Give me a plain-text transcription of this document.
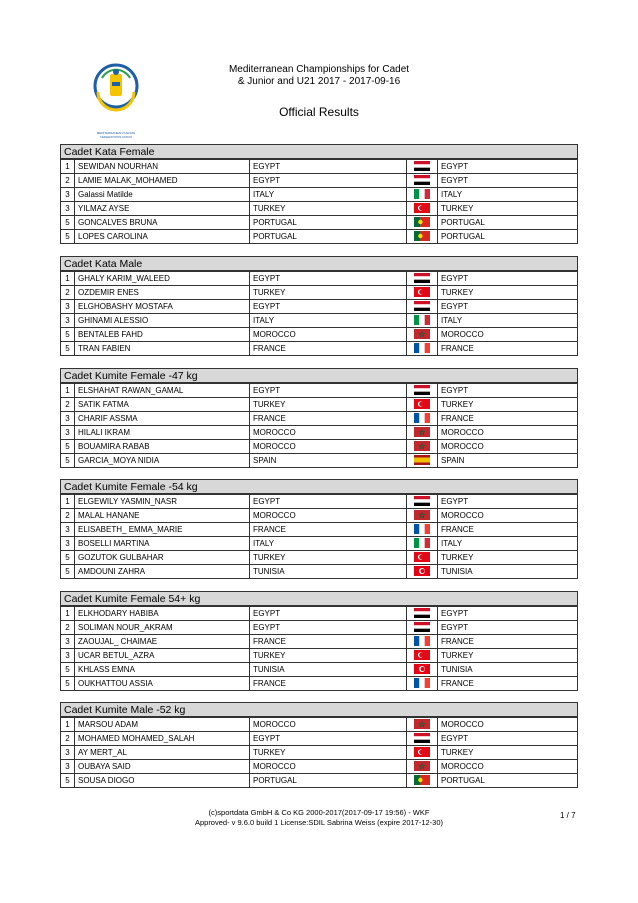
MEDITERRANEAN KARATE FEDERATIONS UNION
Mediterranean Championships for Cadet
& Junior and U21 2017 - 2017-09-16
Official Results
Cadet Kata Female
1	SEWIDAN NOURHAN	EGYPT		EGYPT
2	LAMIE MALAK_MOHAMED	EGYPT		EGYPT
3	Galassi Matilde	ITALY		ITALY
3	YILMAZ AYSE	TURKEY		TURKEY
5	GONCALVES BRUNA	PORTUGAL		PORTUGAL
5	LOPES CAROLINA	PORTUGAL		PORTUGAL
Cadet Kata Male
1	GHALY KARIM_WALEED	EGYPT		EGYPT
2	OZDEMIR ENES	TURKEY		TURKEY
3	ELGHOBASHY MOSTAFA	EGYPT		EGYPT
3	GHINAMI ALESSIO	ITALY		ITALY
5	BENTALEB FAHD	MOROCCO		MOROCCO
5	TRAN FABIEN	FRANCE		FRANCE
Cadet Kumite Female -47 kg
1	ELSHAHAT RAWAN_GAMAL	EGYPT		EGYPT
2	SATIK FATMA	TURKEY		TURKEY
3	CHARIF ASSMA	FRANCE		FRANCE
3	HILALI IKRAM	MOROCCO		MOROCCO
5	BOUAMIRA RABAB	MOROCCO		MOROCCO
5	GARCIA_MOYA NIDIA	SPAIN		SPAIN
Cadet Kumite Female -54 kg
1	ELGEWILY YASMIN_NASR	EGYPT		EGYPT
2	MALAL HANANE	MOROCCO		MOROCCO
3	ELISABETH_ EMMA_MARIE	FRANCE		FRANCE
3	BOSELLI MARTINA	ITALY		ITALY
5	GOZUTOK GULBAHAR	TURKEY		TURKEY
5	AMDOUNI ZAHRA	TUNISIA		TUNISIA
Cadet Kumite Female 54+ kg
1	ELKHODARY HABIBA	EGYPT		EGYPT
2	SOLIMAN NOUR_AKRAM	EGYPT		EGYPT
3	ZAOUJAL_ CHAIMAE	FRANCE		FRANCE
3	UCAR BETUL_AZRA	TURKEY		TURKEY
5	KHLASS EMNA	TUNISIA		TUNISIA
5	OUKHATTOU ASSIA	FRANCE		FRANCE
Cadet Kumite Male -52 kg
1	MARSOU ADAM	MOROCCO		MOROCCO
2	MOHAMED MOHAMED_SALAH	EGYPT		EGYPT
3	AY MERT_AL	TURKEY		TURKEY
3	OUBAYA SAID	MOROCCO		MOROCCO
5	SOUSA DIOGO	PORTUGAL		PORTUGAL
(c)sportdata GmbH & Co KG 2000-2017(2017-09-17 19:56) - WKF
Approved- v 9.6.0 build 1 License:SDIL Sabrina Weiss (expire 2017-12-30)
1 / 7
